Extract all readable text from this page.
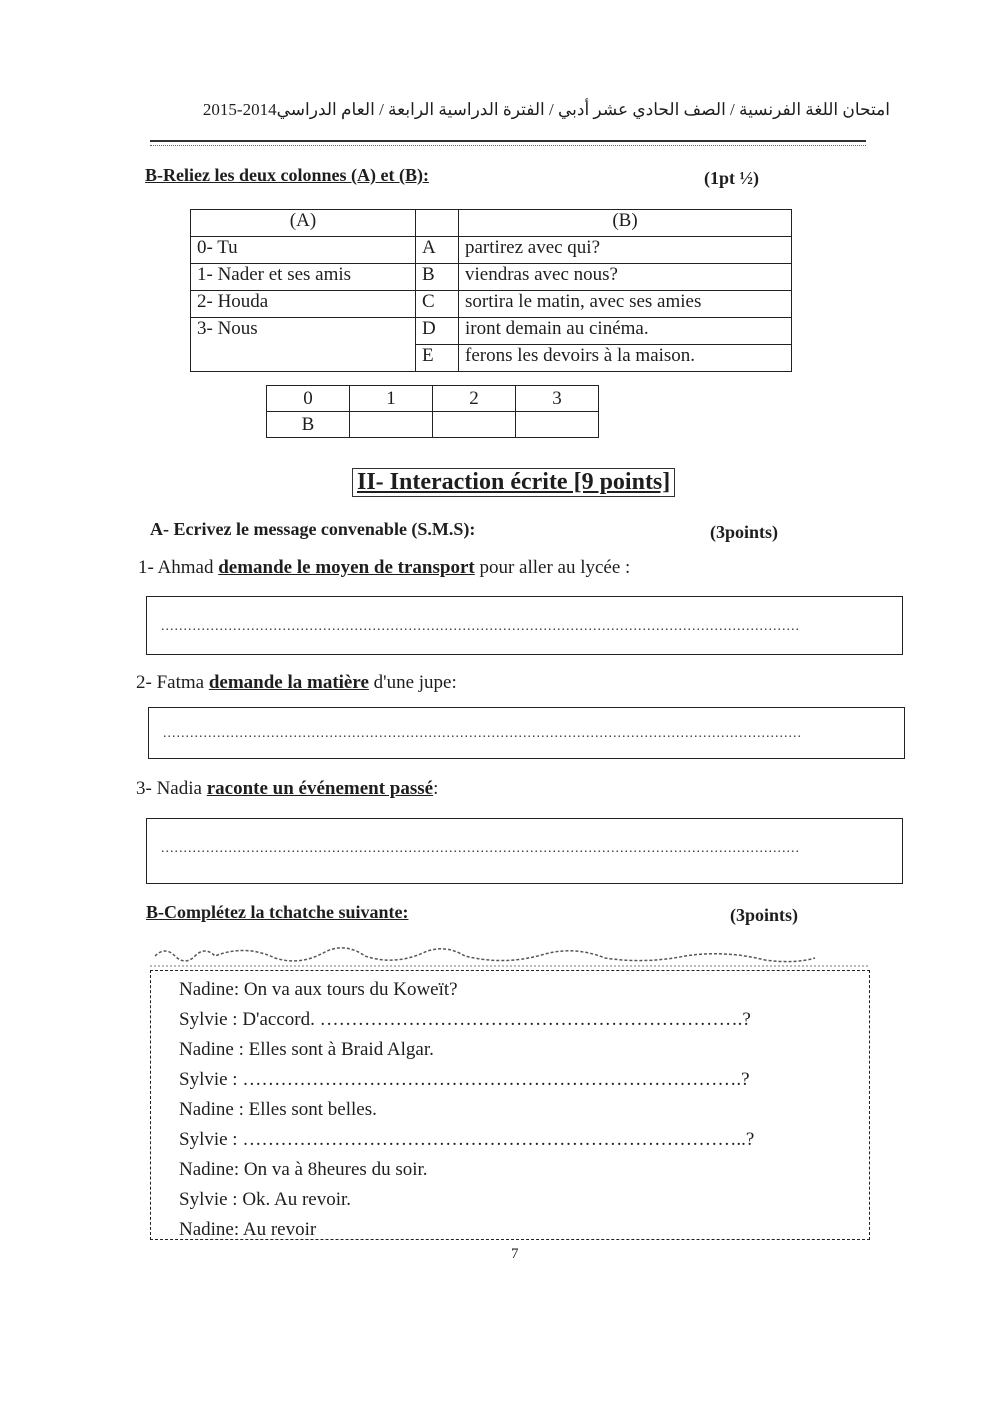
امتحان اللغة الفرنسية / الصف الحادي عشر أدبي / الفترة الدراسية الرابعة / العام الدراسي2014-2015
B-Reliez les deux colonnes (A) et (B):	(1pt ½)
(A)		(B)
0- Tu	A	partirez avec qui?
1- Nader et ses amis	B	viendras avec nous?
2- Houda	C	sortira le matin, avec ses amies
3- Nous	D	iront demain au cinéma.
	E	ferons les devoirs à la maison.
0	1	2	3
B			
II- Interaction écrite [9 points]
A- Ecrivez le message convenable (S.M.S):	(3points)
1- Ahmad demande le moyen de transport pour aller au lycée :
..............................................................................................................................................
2- Fatma demande la matière d'une jupe:
..............................................................................................................................................
3- Nadia raconte un événement passé:
..............................................................................................................................................
B-Complétez la tchatche suivante:	(3points)
Nadine: On va aux tours du Koweït?
Sylvie : D'accord. ………………………………………………………….?
Nadine : Elles sont à Braid Algar.
Sylvie : …………………………………………………………………….?
Nadine : Elles sont belles.
Sylvie : ……………………………………………………………………..?
Nadine: On va à 8heures du soir.
Sylvie : Ok. Au revoir.
Nadine: Au revoir
7
